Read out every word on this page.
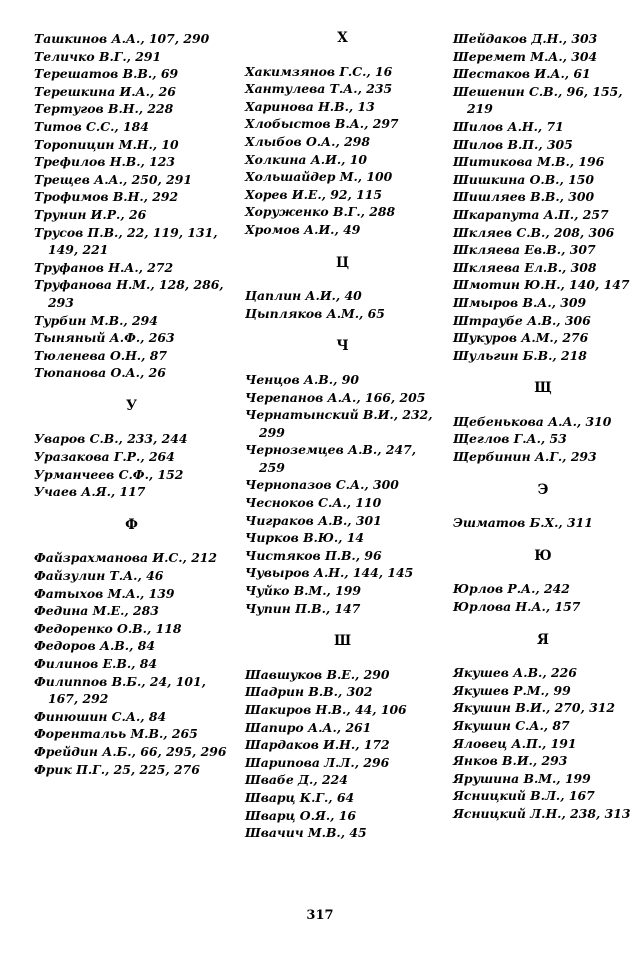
Ташкинов А.А., 107, 290
Теличко В.Г., 291
Терешатов В.В., 69
Терешкина И.А., 26
Тертугов В.Н., 228
Титов С.С., 184
Торопицин М.Н., 10
Трефилов Н.В., 123
Трещев А.А., 250, 291
Трофимов В.Н., 292
Трунин И.Р., 26
Трусов П.В., 22, 119, 131, 149, 221
Труфанов Н.А., 272
Труфанова Н.М., 128, 286, 293
Турбин М.В., 294
Тыняный А.Ф., 263
Тюленева О.Н., 87
Тюпанова О.А., 26
У
Уваров С.В., 233, 244
Уразакова Г.Р., 264
Урманчеев С.Ф., 152
Учаев А.Я., 117
Ф
Файзрахманова И.С., 212
Файзулин Т.А., 46
Фатыхов М.А., 139
Федина М.Е., 283
Федоренко О.В., 118
Федоров А.В., 84
Филинов Е.В., 84
Филиппов В.Б., 24, 101, 167, 292
Финюшин С.А., 84
Форентальь М.В., 265
Фрейдин А.Б., 66, 295, 296
Фрик П.Г., 25, 225, 276
Х
Хакимзянов Г.С., 16
Хантулева Т.А., 235
Харинова Н.В., 13
Хлобыстов В.А., 297
Хлыбов О.А., 298
Холкина А.И., 10
Хольшайдер М., 100
Хорев И.Е., 92, 115
Хоруженко В.Г., 288
Хромов А.И., 49
Ц
Цаплин А.И., 40
Цыпляков А.М., 65
Ч
Ченцов А.В., 90
Черепанов А.А., 166, 205
Чернатынский В.И., 232, 299
Черноземцев А.В., 247, 259
Чернопазов С.А., 300
Чесноков С.А., 110
Чиграков А.В., 301
Чирков В.Ю., 14
Чистяков П.В., 96
Чувыров А.Н., 144, 145
Чуйко В.М., 199
Чупин П.В., 147
Ш
Шавшуков В.Е., 290
Шадрин В.В., 302
Шакиров Н.В., 44, 106
Шапиро А.А., 261
Шардаков И.Н., 172
Шарипова Л.Л., 296
Швабе Д., 224
Шварц К.Г., 64
Шварц О.Я., 16
Швачич М.В., 45
Шейдаков Д.Н., 303
Шеремет М.А., 304
Шестаков И.А., 61
Шешенин С.В., 96, 155, 219
Шилов А.Н., 71
Шилов В.П., 305
Шитикова М.В., 196
Шишкина О.В., 150
Шишляев В.В., 300
Шкарапута А.П., 257
Шкляев С.В., 208, 306
Шкляева Ев.В., 307
Шкляева Ел.В., 308
Шмотин Ю.Н., 140, 147
Шмыров В.А., 309
Штраубе А.В., 306
Шукуров А.М., 276
Шульгин Б.В., 218
Щ
Щебенькова А.А., 310
Щеглов Г.А., 53
Щербинин А.Г., 293
Э
Эшматов Б.Х., 311
Ю
Юрлов Р.А., 242
Юрлова Н.А., 157
Я
Якушев А.В., 226
Якушев Р.М., 99
Якушин В.И., 270, 312
Якушин С.А., 87
Яловец А.П., 191
Янков В.И., 293
Ярушина В.М., 199
Ясницкий В.Л., 167
Ясницкий Л.Н., 238, 313
317
